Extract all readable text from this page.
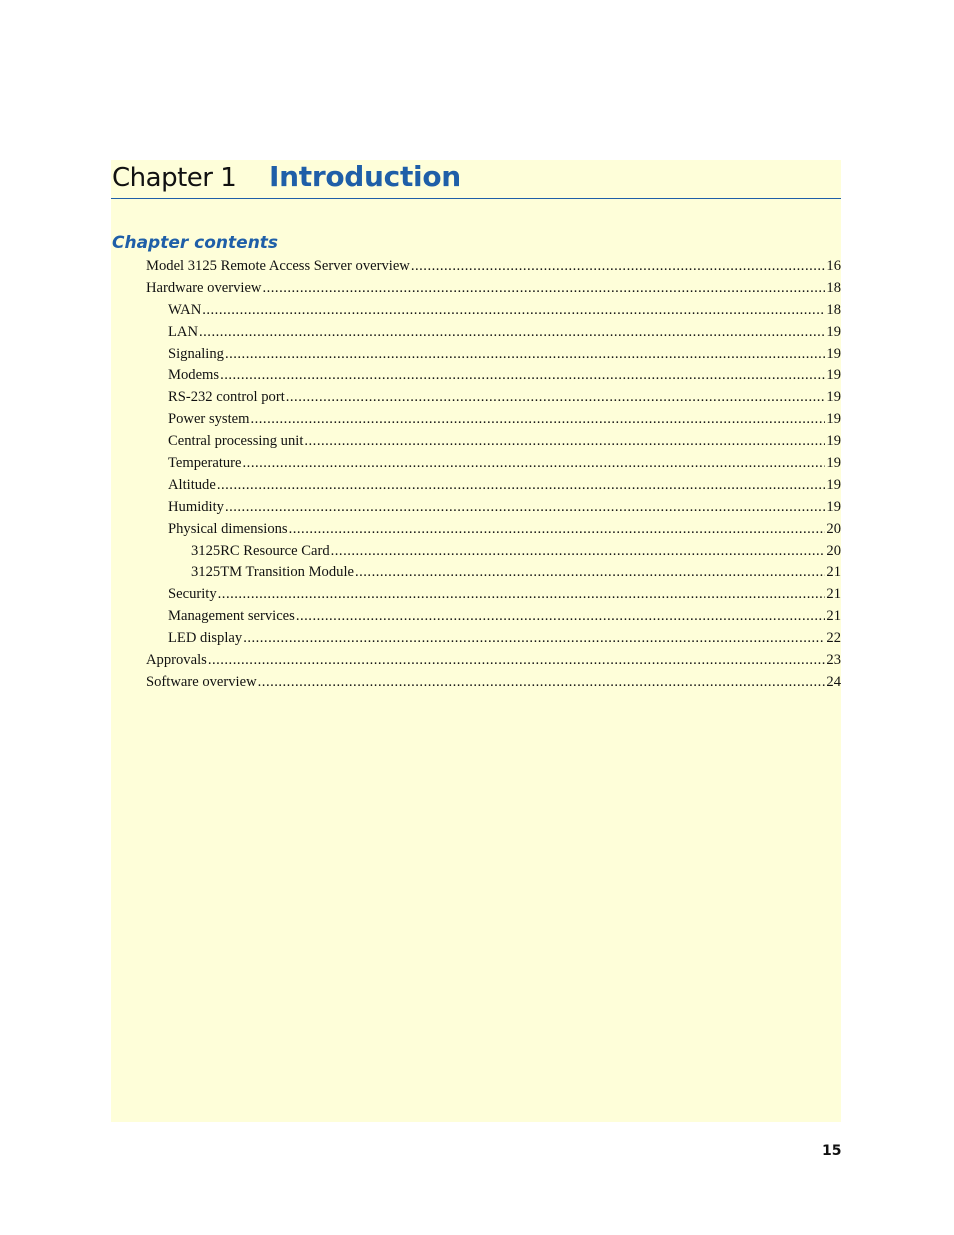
Chapter 1 Introduction
Chapter contents
Model 3125 Remote Access Server overview .....	16
Hardware overview .....	18
WAN .....	18
LAN .....	19
Signaling .....	19
Modems .....	19
RS-232 control port .....	19
Power system .....	19
Central processing unit .....	19
Temperature .....	19
Altitude .....	19
Humidity .....	19
Physical dimensions .....	20
3125RC Resource Card .....	20
3125TM Transition Module .....	21
Security .....	21
Management services .....	21
LED display .....	22
Approvals .....	23
Software overview .....	24
15
